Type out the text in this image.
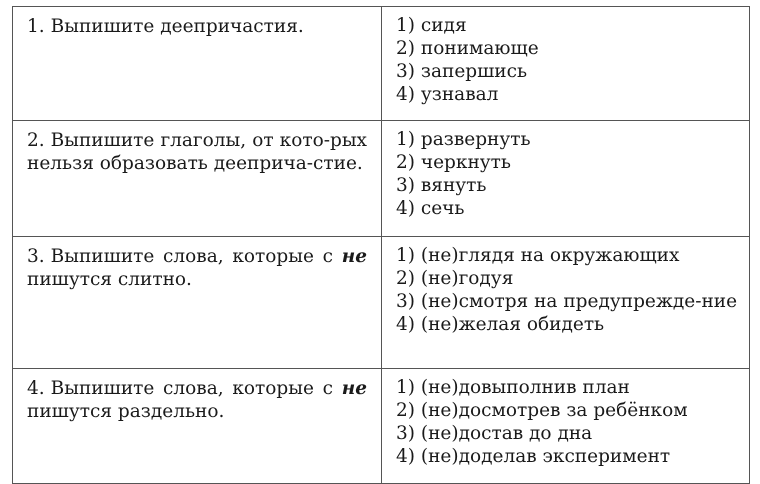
1. Выпишите деепричастия.	1) сидя
2) понимающе
3) запершись
4) узнавал

2. Выпишите глаголы, от кото-рых нельзя образовать дееприча-стие.	1) развернуть
2) черкнуть
3) вянуть
4) сечь

3. Выпишите слова, которые с не пишутся слитно.	1) (не)глядя на окружающих
2) (не)годуя
3) (не)смотря на предупрежде-ние
4) (не)желая обидеть

4. Выпишите слова, которые с не пишутся раздельно.	1) (не)довыполнив план
2) (не)досмотрев за ребёнком
3) (не)достав до дна
4) (не)доделав эксперимент
